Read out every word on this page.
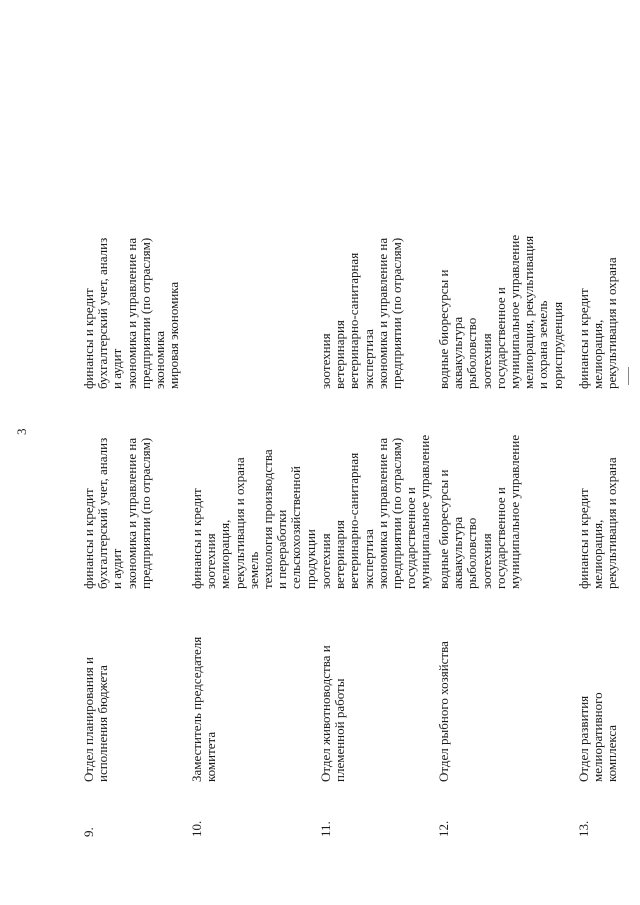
3
9.
Отдел планирования и исполнения бюджета
финансы и кредит бухгалтерский учет, анализ и аудит экономика и управление на предприятии (по отраслям)
финансы и кредит бухгалтерский учет, анализ и аудит экономика и управление на предприятии (по отраслям) экономика мировая экономика
10.
Заместитель председателя комитета
финансы и кредит зоотехния мелиорация, рекультивация и охрана земель технология производства и переработки сельскохозяйственной продукции
11.
Отдел животноводства и племенной работы
зоотехния ветеринария ветеринарно-санитарная экспертиза экономика и управление на предприятии (по отраслям) государственное и муниципальное управление
зоотехния ветеринария ветеринарно-санитарная экспертиза экономика и управление на предприятии (по отраслям)
12.
Отдел рыбного хозяйства
водные биоресурсы и аквакультура рыболовство зоотехния государственное и муниципальное управление
водные биоресурсы и аквакультура рыболовство зоотехния государственное и муниципальное управление мелиорация, рекультивация и охрана земель юриспруденция
13.
Отдел развития мелиоративного комплекса
финансы и кредит мелиорация, рекультивация и охрана
финансы и кредит мелиорация, рекультивация и охрана
